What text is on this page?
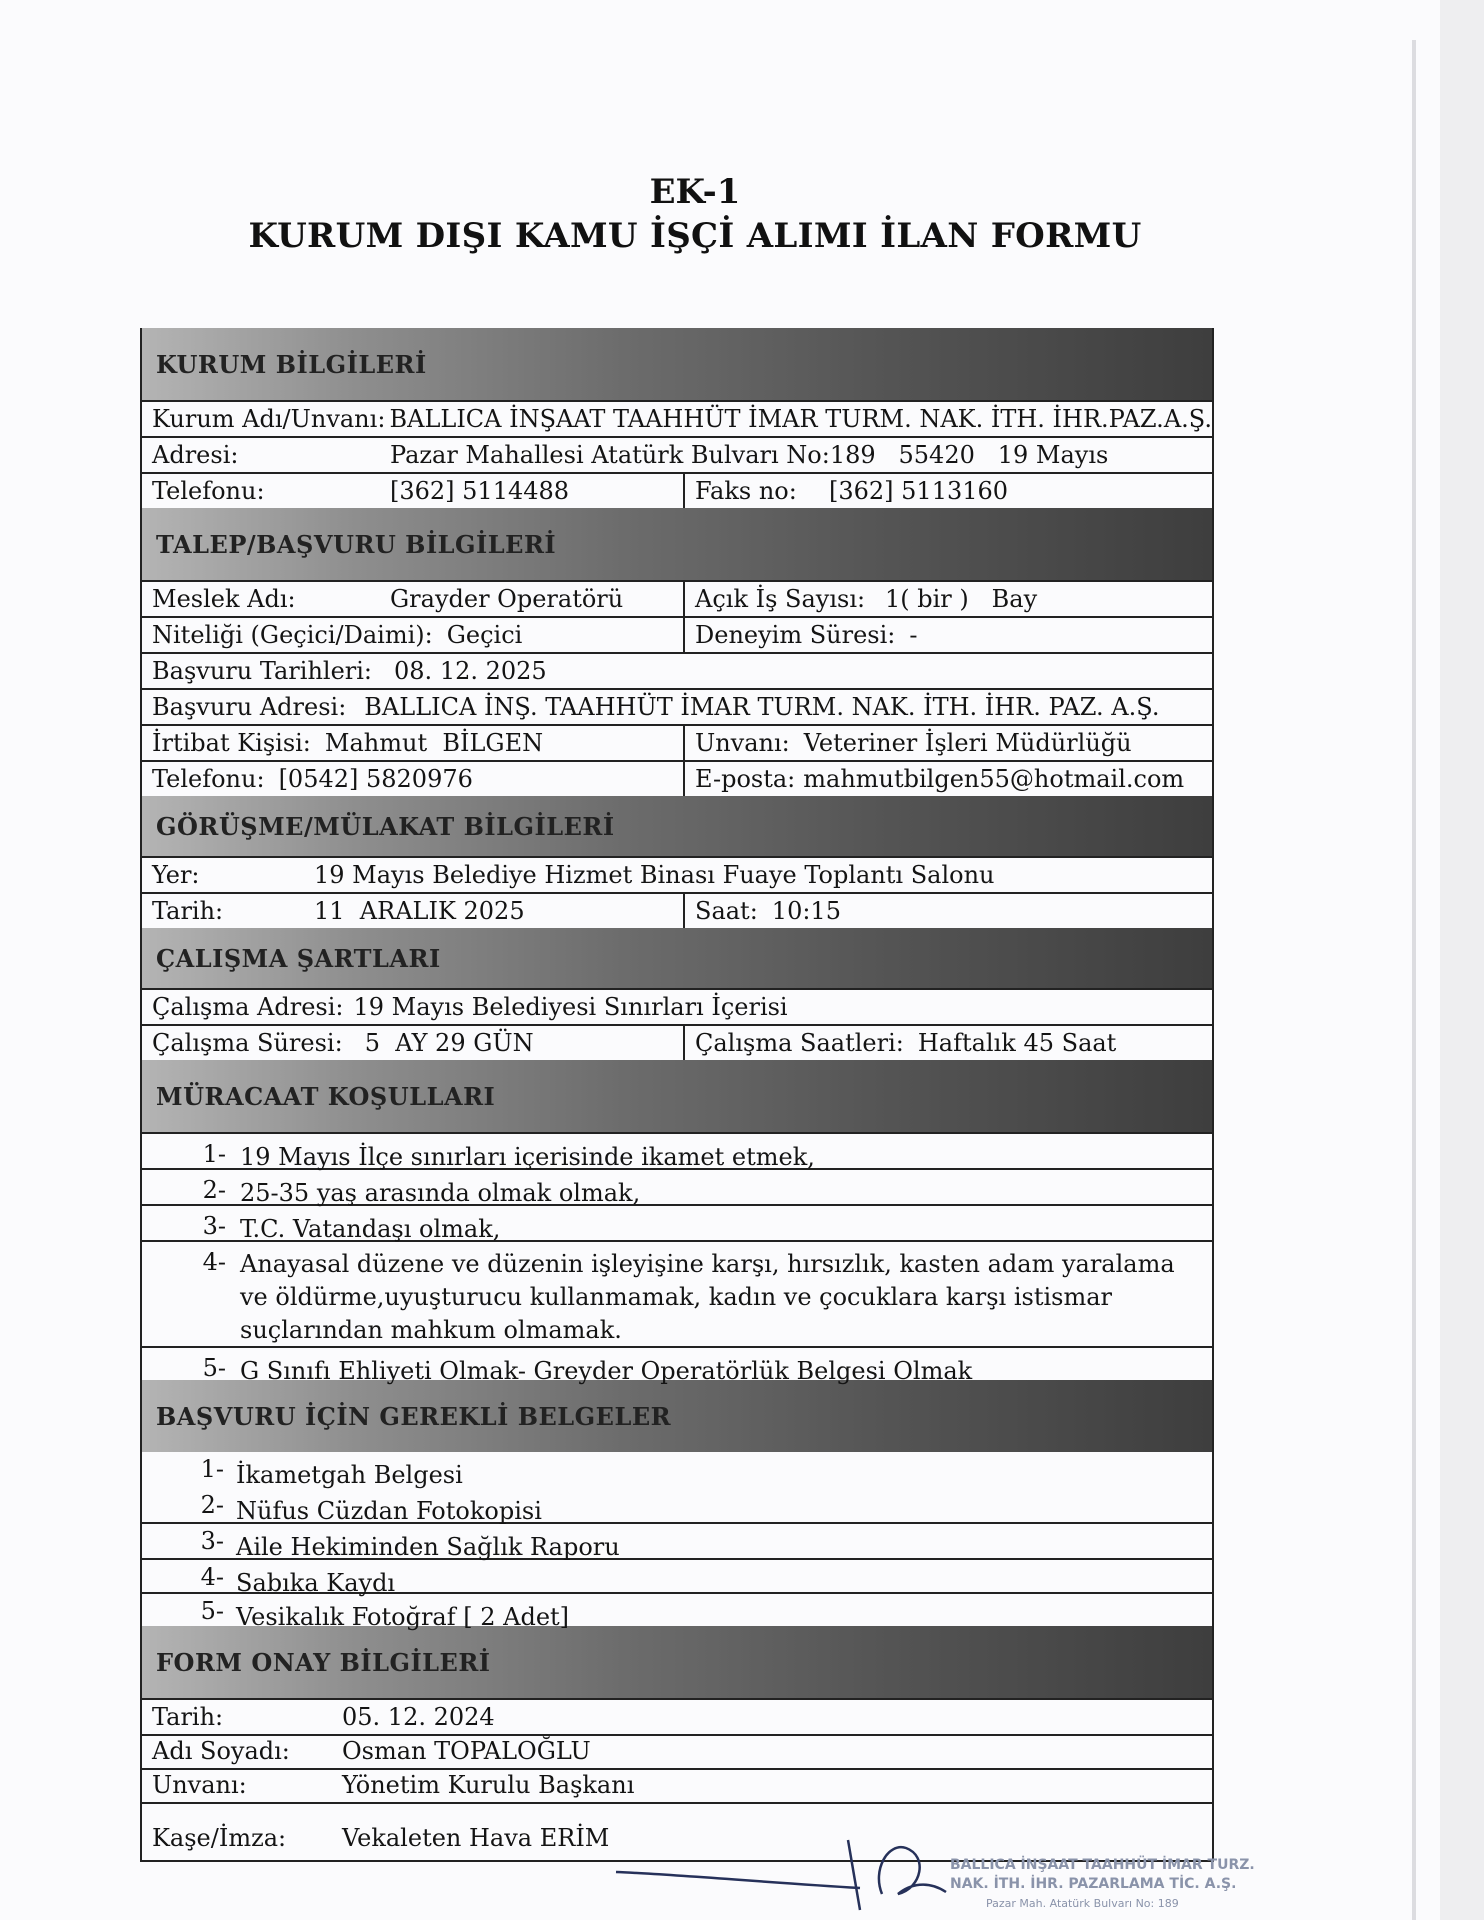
EK-1
KURUM DIŞI KAMU İŞÇİ ALIMI İLAN FORMU
KURUM BİLGİLERİ
Kurum Adı/Unvanı: BALLICA İNŞAAT TAAHHÜT İMAR TURM. NAK. İTH. İHR.PAZ.A.Ş.
Adresi:	Pazar Mahallesi Atatürk Bulvarı No:189   55420   19 Mayıs
Telefonu:	[362] 5114488	Faks no:	[362] 5113160
TALEP/BAŞVURU BİLGİLERİ
Meslek Adı:	Grayder Operatörü	Açık İş Sayısı: 1( bir )   Bay
Niteliği (Geçici/Daimi): Geçici	Deneyim Süresi: -
Başvuru Tarihleri: 08. 12. 2025
Başvuru Adresi: BALLICA İNŞ. TAAHHÜT İMAR TURM. NAK. İTH. İHR. PAZ. A.Ş.
İrtibat Kişisi: Mahmut  BİLGEN	Unvanı: Veteriner İşleri Müdürlüğü
Telefonu: [0542] 5820976	E-posta: mahmutbilgen55@hotmail.com
GÖRÜŞME/MÜLAKAT BİLGİLERİ
Yer:	19 Mayıs Belediye Hizmet Binası Fuaye Toplantı Salonu
Tarih:	11  ARALIK 2025	Saat: 10:15
ÇALIŞMA ŞARTLARI
Çalışma Adresi: 19 Mayıs Belediyesi Sınırları İçerisi
Çalışma Süresi: 5  AY 29 GÜN	Çalışma Saatleri: Haftalık 45 Saat
MÜRACAAT KOŞULLARI
1- 19 Mayıs İlçe sınırları içerisinde ikamet etmek,
2- 25-35 yaş arasında olmak olmak,
3- T.C. Vatandaşı olmak,
4- Anayasal düzene ve düzenin işleyişine karşı, hırsızlık, kasten adam yaralama ve öldürme,uyuşturucu kullanmamak, kadın ve çocuklara karşı istismar suçlarından mahkum olmamak.
5- G Sınıfı Ehliyeti Olmak- Greyder Operatörlük Belgesi Olmak
BAŞVURU İÇİN GEREKLİ BELGELER
1- İkametgah Belgesi
2- Nüfus Cüzdan Fotokopisi
3- Aile Hekiminden Sağlık Raporu
4- Sabıka Kaydı
5- Vesikalık Fotoğraf [ 2 Adet]
FORM ONAY BİLGİLERİ
Tarih:	05. 12. 2024
Adı Soyadı:	Osman TOPALOĞLU
Unvanı:	Yönetim Kurulu Başkanı
Kaşe/İmza:	Vekaleten Hava ERİM
BALLICA İNŞAAT TAAHHÜT İMAR TURZ.
NAK. İTH. İHR. PAZARLAMA TİC. A.Ş.
Pazar Mah. Atatürk Bulvarı No: 189
